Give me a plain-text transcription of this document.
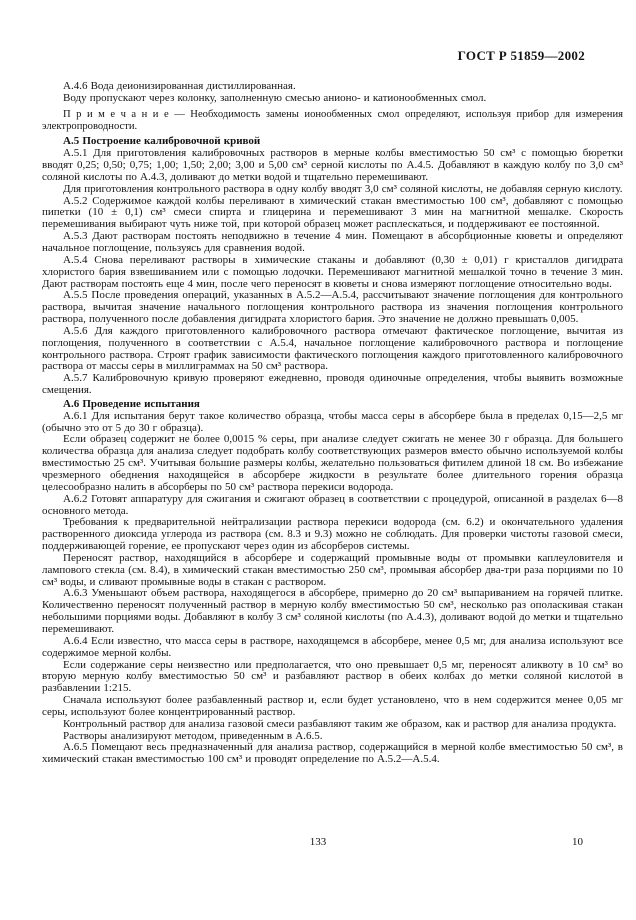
ГОСТ Р 51859—2002

А.4.6 Вода деионизированная дистиллированная.

Воду пропускают через колонку, заполненную смесью анионо- и катионообменных смол.

П р и м е ч а н и е — Необходимость замены ионообменных смол определяют, используя прибор для измерения электропроводности.

А.5 Построение калибровочной кривой

А.5.1 Для приготовления калибровочных растворов в мерные колбы вместимостью 50 см³ с помощью бюретки вводят 0,25; 0,50; 0,75; 1,00; 1,50; 2,00; 3,00 и 5,00 см³ серной кислоты по А.4.5. Добавляют в каждую колбу по 3,0 см³ соляной кислоты по А.4.3, доливают до метки водой и тщательно перемешивают.

Для приготовления контрольного раствора в одну колбу вводят 3,0 см³ соляной кислоты, не добавляя серную кислоту.

А.5.2 Содержимое каждой колбы переливают в химический стакан вместимостью 100 см³, добавляют с помощью пипетки (10 ± 0,1) см³ смеси спирта и глицерина и перемешивают 3 мин на магнитной мешалке. Скорость перемешивания выбирают чуть ниже той, при которой образец может расплескаться, и поддерживают ее постоянной.

А.5.3 Дают растворам постоять неподвижно в течение 4 мин. Помещают в абсорбционные кюветы и определяют начальное поглощение, пользуясь для сравнения водой.

А.5.4 Снова переливают растворы в химические стаканы и добавляют (0,30 ± 0,01) г кристаллов дигидрата хлористого бария взвешиванием или с помощью лодочки. Перемешивают магнитной мешалкой точно в течение 3 мин. Дают растворам постоять еще 4 мин, после чего переносят в кюветы и снова измеряют поглощение относительно воды.

А.5.5 После проведения операций, указанных в А.5.2—А.5.4, рассчитывают значение поглощения для контрольного раствора, вычитая значение начального поглощения контрольного раствора из значения поглощения контрольного раствора, полученного после добавления дигидрата хлористого бария. Это значение не должно превышать 0,005.

А.5.6 Для каждого приготовленного калибровочного раствора отмечают фактическое поглощение, вычитая из поглощения, полученного в соответствии с А.5.4, начальное поглощение калибровочного раствора и поглощение контрольного раствора. Строят график зависимости фактического поглощения каждого приготовленного калибровочного раствора от массы серы в миллиграммах на 50 см³ раствора.

А.5.7 Калибровочную кривую проверяют ежедневно, проводя одиночные определения, чтобы выявить возможные смещения.

А.6 Проведение испытания

А.6.1 Для испытания берут такое количество образца, чтобы масса серы в абсорбере была в пределах 0,15—2,5 мг (обычно это от 5 до 30 г образца).

Если образец содержит не более 0,0015 % серы, при анализе следует сжигать не менее 30 г образца. Для большего количества образца для анализа следует подобрать колбу соответствующих размеров вместо обычно используемой колбы вместимостью 25 см³. Учитывая большие размеры колбы, желательно пользоваться фитилем длиной 18 см. Во избежание чрезмерного обеднения находящейся в абсорбере жидкости в результате более длительного горения образца целесообразно налить в абсорберы по 50 см³ раствора перекиси водорода.

А.6.2 Готовят аппаратуру для сжигания и сжигают образец в соответствии с процедурой, описанной в разделах 6—8 основного метода.

Требования к предварительной нейтрализации раствора перекиси водорода (см. 6.2) и окончательного удаления растворенного диоксида углерода из раствора (см. 8.3 и 9.3) можно не соблюдать. Для проверки чистоты газовой смеси, поддерживающей горение, ее пропускают через один из абсорберов системы.

Переносят раствор, находящийся в абсорбере и содержащий промывные воды от промывки каплеуловителя и лампового стекла (см. 8.4), в химический стакан вместимостью 250 см³, промывая абсорбер два-три раза порциями по 10 см³ воды, и сливают промывные воды в стакан с раствором.

А.6.3 Уменьшают объем раствора, находящегося в абсорбере, примерно до 20 см³ выпариванием на горячей плитке. Количественно переносят полученный раствор в мерную колбу вместимостью 50 см³, несколько раз ополаскивая стакан небольшими порциями воды. Добавляют в колбу 3 см³ соляной кислоты (по А.4.3), доливают водой до метки и тщательно перемешивают.

А.6.4 Если известно, что масса серы в растворе, находящемся в абсорбере, менее 0,5 мг, для анализа используют все содержимое мерной колбы.

Если содержание серы неизвестно или предполагается, что оно превышает 0,5 мг, переносят аликвоту в 10 см³ во вторую мерную колбу вместимостью 50 см³ и разбавляют раствор в обеих колбах до метки соляной кислотой в разбавлении 1:215.

Сначала используют более разбавленный раствор и, если будет установлено, что в нем содержится менее 0,05 мг серы, используют более концентрированный раствор.

Контрольный раствор для анализа газовой смеси разбавляют таким же образом, как и раствор для анализа продукта.

Растворы анализируют методом, приведенным в А.6.5.

А.6.5 Помещают весь предназначенный для анализа раствор, содержащийся в мерной колбе вместимостью 50 см³, в химический стакан вместимостью 100 см³ и проводят определение по А.5.2—А.5.4.

133	10
